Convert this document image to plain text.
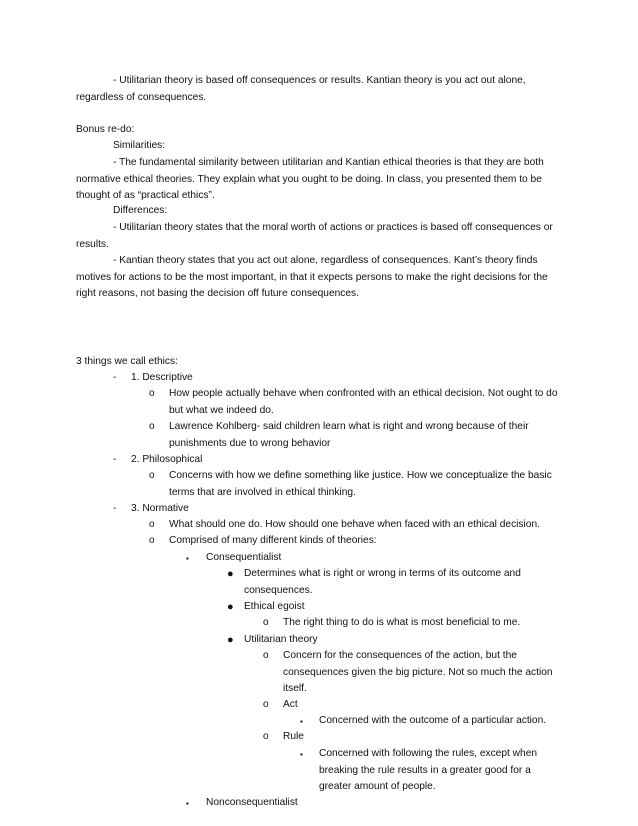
- Utilitarian theory is based off consequences or results. Kantian theory is you act out alone, regardless of consequences.

Bonus re-do:

Similarities:

- The fundamental similarity between utilitarian and Kantian ethical theories is that they are both normative ethical theories. They explain what you ought to be doing. In class, you presented them to be thought of as “practical ethics”.

Differences:

- Utilitarian theory states that the moral worth of actions or practices is based off consequences or results.

- Kantian theory states that you act out alone, regardless of consequences. Kant’s theory finds motives for actions to be the most important, in that it expects persons to make the right decisions for the right reasons, not basing the decision off future consequences.

3 things we call ethics:

- 1. Descriptive
o How people actually behave when confronted with an ethical decision. Not ought to do but what we indeed do.
o Lawrence Kohlberg- said children learn what is right and wrong because of their punishments due to wrong behavior
- 2. Philosophical
o Concerns with how we define something like justice. How we conceptualize the basic terms that are involved in ethical thinking.
- 3. Normative
o What should one do. How should one behave when faced with an ethical decision.
o Comprised of many different kinds of theories:
▪ Consequentialist
● Determines what is right or wrong in terms of its outcome and consequences.
● Ethical egoist
o The right thing to do is what is most beneficial to me.
● Utilitarian theory
o Concern for the consequences of the action, but the consequences given the big picture. Not so much the action itself.
o Act
▪ Concerned with the outcome of a particular action.
o Rule
▪ Concerned with following the rules, except when breaking the rule results in a greater good for a greater amount of people.
▪ Nonconsequentialist
